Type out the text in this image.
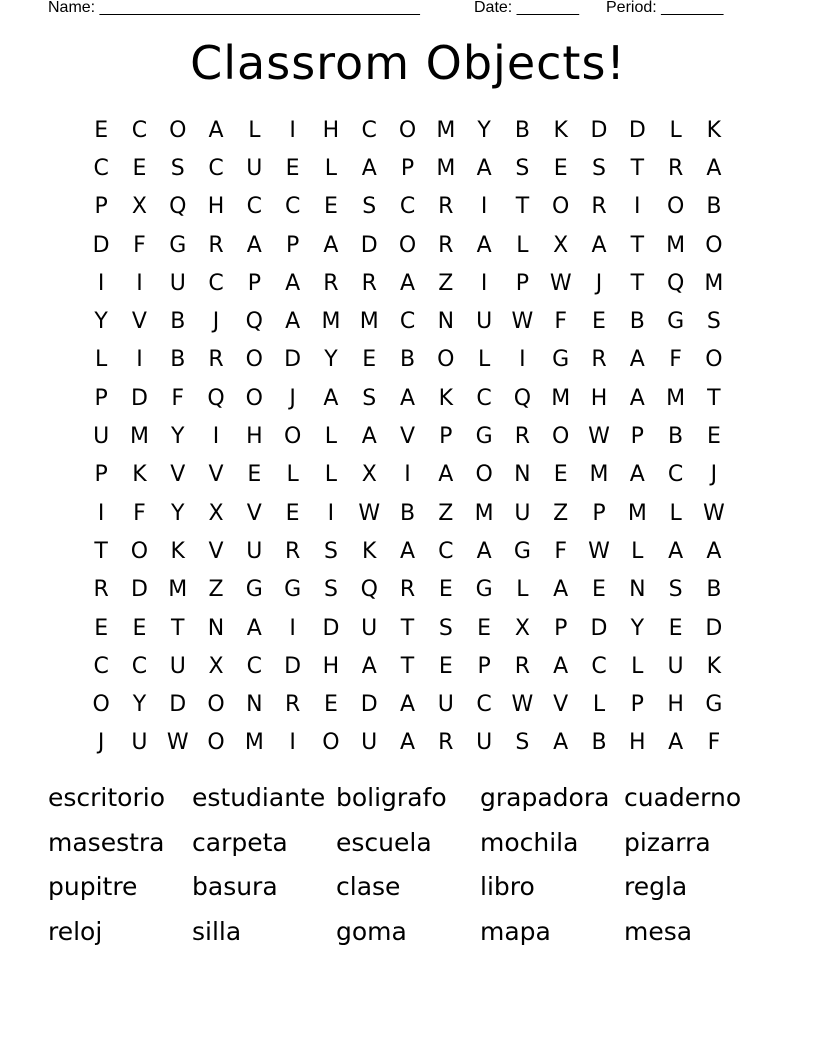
Name: ____________________________________	Date: _______ Period: _______
Classrom Objects!
E	C O	A	L	I	H	C O M	Y	B	K	D D	L	K
C	E	S	C	U	E	L	A	P	M A	S	E	S	T	R	A
P	X	Q H	C	C	E	S	C	R	I	T	O R	I	O	B
D	F	G	R	A	P	A	D O R	A	L	X	A	T	M O
I	I	U	C	P	A	R	R	A	Z	I	P W	J	T	Q M
Y	V	B	J	Q	A M M C	N	U W F	E	B	G	S
L	I	B	R O D	Y	E	B	O	L	I	G	R	A	F	O
P	D	F	Q O	J	A	S	A	K	C Q M H	A M	T
U M	Y	I	H O	L	A	V	P	G	R O W P	B	E
P	K	V	V	E	L	L	X	I	A	O N	E M A	C	J
I	F	Y	X	V	E	I	W B	Z M U	Z	P	M	L W
T	O	K	V	U	R	S	K	A	C	A	G	F W L	A	A
R	D M Z	G G	S	Q R	E	G	L	A	E	N	S	B
E	E	T	N	A	I	D U	T	S	E	X	P	D	Y	E	D
C	C	U	X	C	D H	A	T	E	P	R	A	C	L	U	K
O	Y	D O N	R	E	D	A	U	C W V	L	P	H G
J	U W O M	I	O U	A	R	U	S	A	B	H	A	F
escritorio	estudiante boligrafo	grapadora cuaderno
masestra	carpeta	escuela	mochila	pizarra
pupitre	basura	clase	libro	regla
reloj	silla	goma	mapa	mesa
